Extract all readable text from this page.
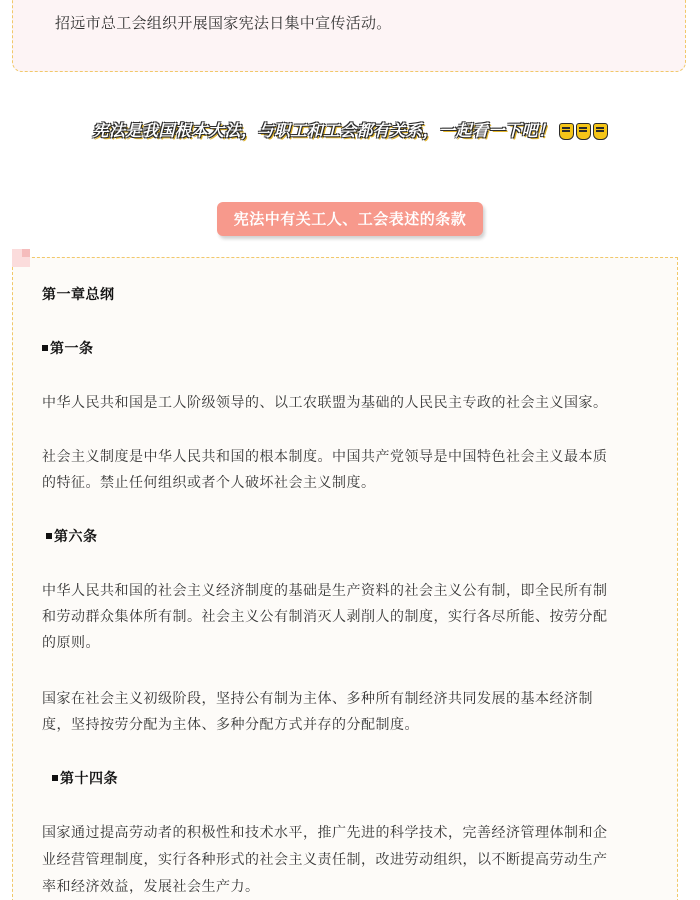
招远市总工会组织开展国家宪法日集中宣传活动。
宪法是我国根本大法，与职工和工会都有关系，一起看一下吧！
宪法中有关工人、工会表述的条款
第一章总纲
第一条
中华人民共和国是工人阶级领导的、以工农联盟为基础的人民民主专政的社会主义国家。
社会主义制度是中华人民共和国的根本制度。中国共产党领导是中国特色社会主义最本质
的特征。禁止任何组织或者个人破坏社会主义制度。
第六条
中华人民共和国的社会主义经济制度的基础是生产资料的社会主义公有制，即全民所有制
和劳动群众集体所有制。社会主义公有制消灭人剥削人的制度，实行各尽所能、按劳分配
的原则。
国家在社会主义初级阶段，坚持公有制为主体、多种所有制经济共同发展的基本经济制
度，坚持按劳分配为主体、多种分配方式并存的分配制度。
第十四条
国家通过提高劳动者的积极性和技术水平，推广先进的科学技术，完善经济管理体制和企
业经营管理制度，实行各种形式的社会主义责任制，改进劳动组织，以不断提高劳动生产
率和经济效益，发展社会生产力。
